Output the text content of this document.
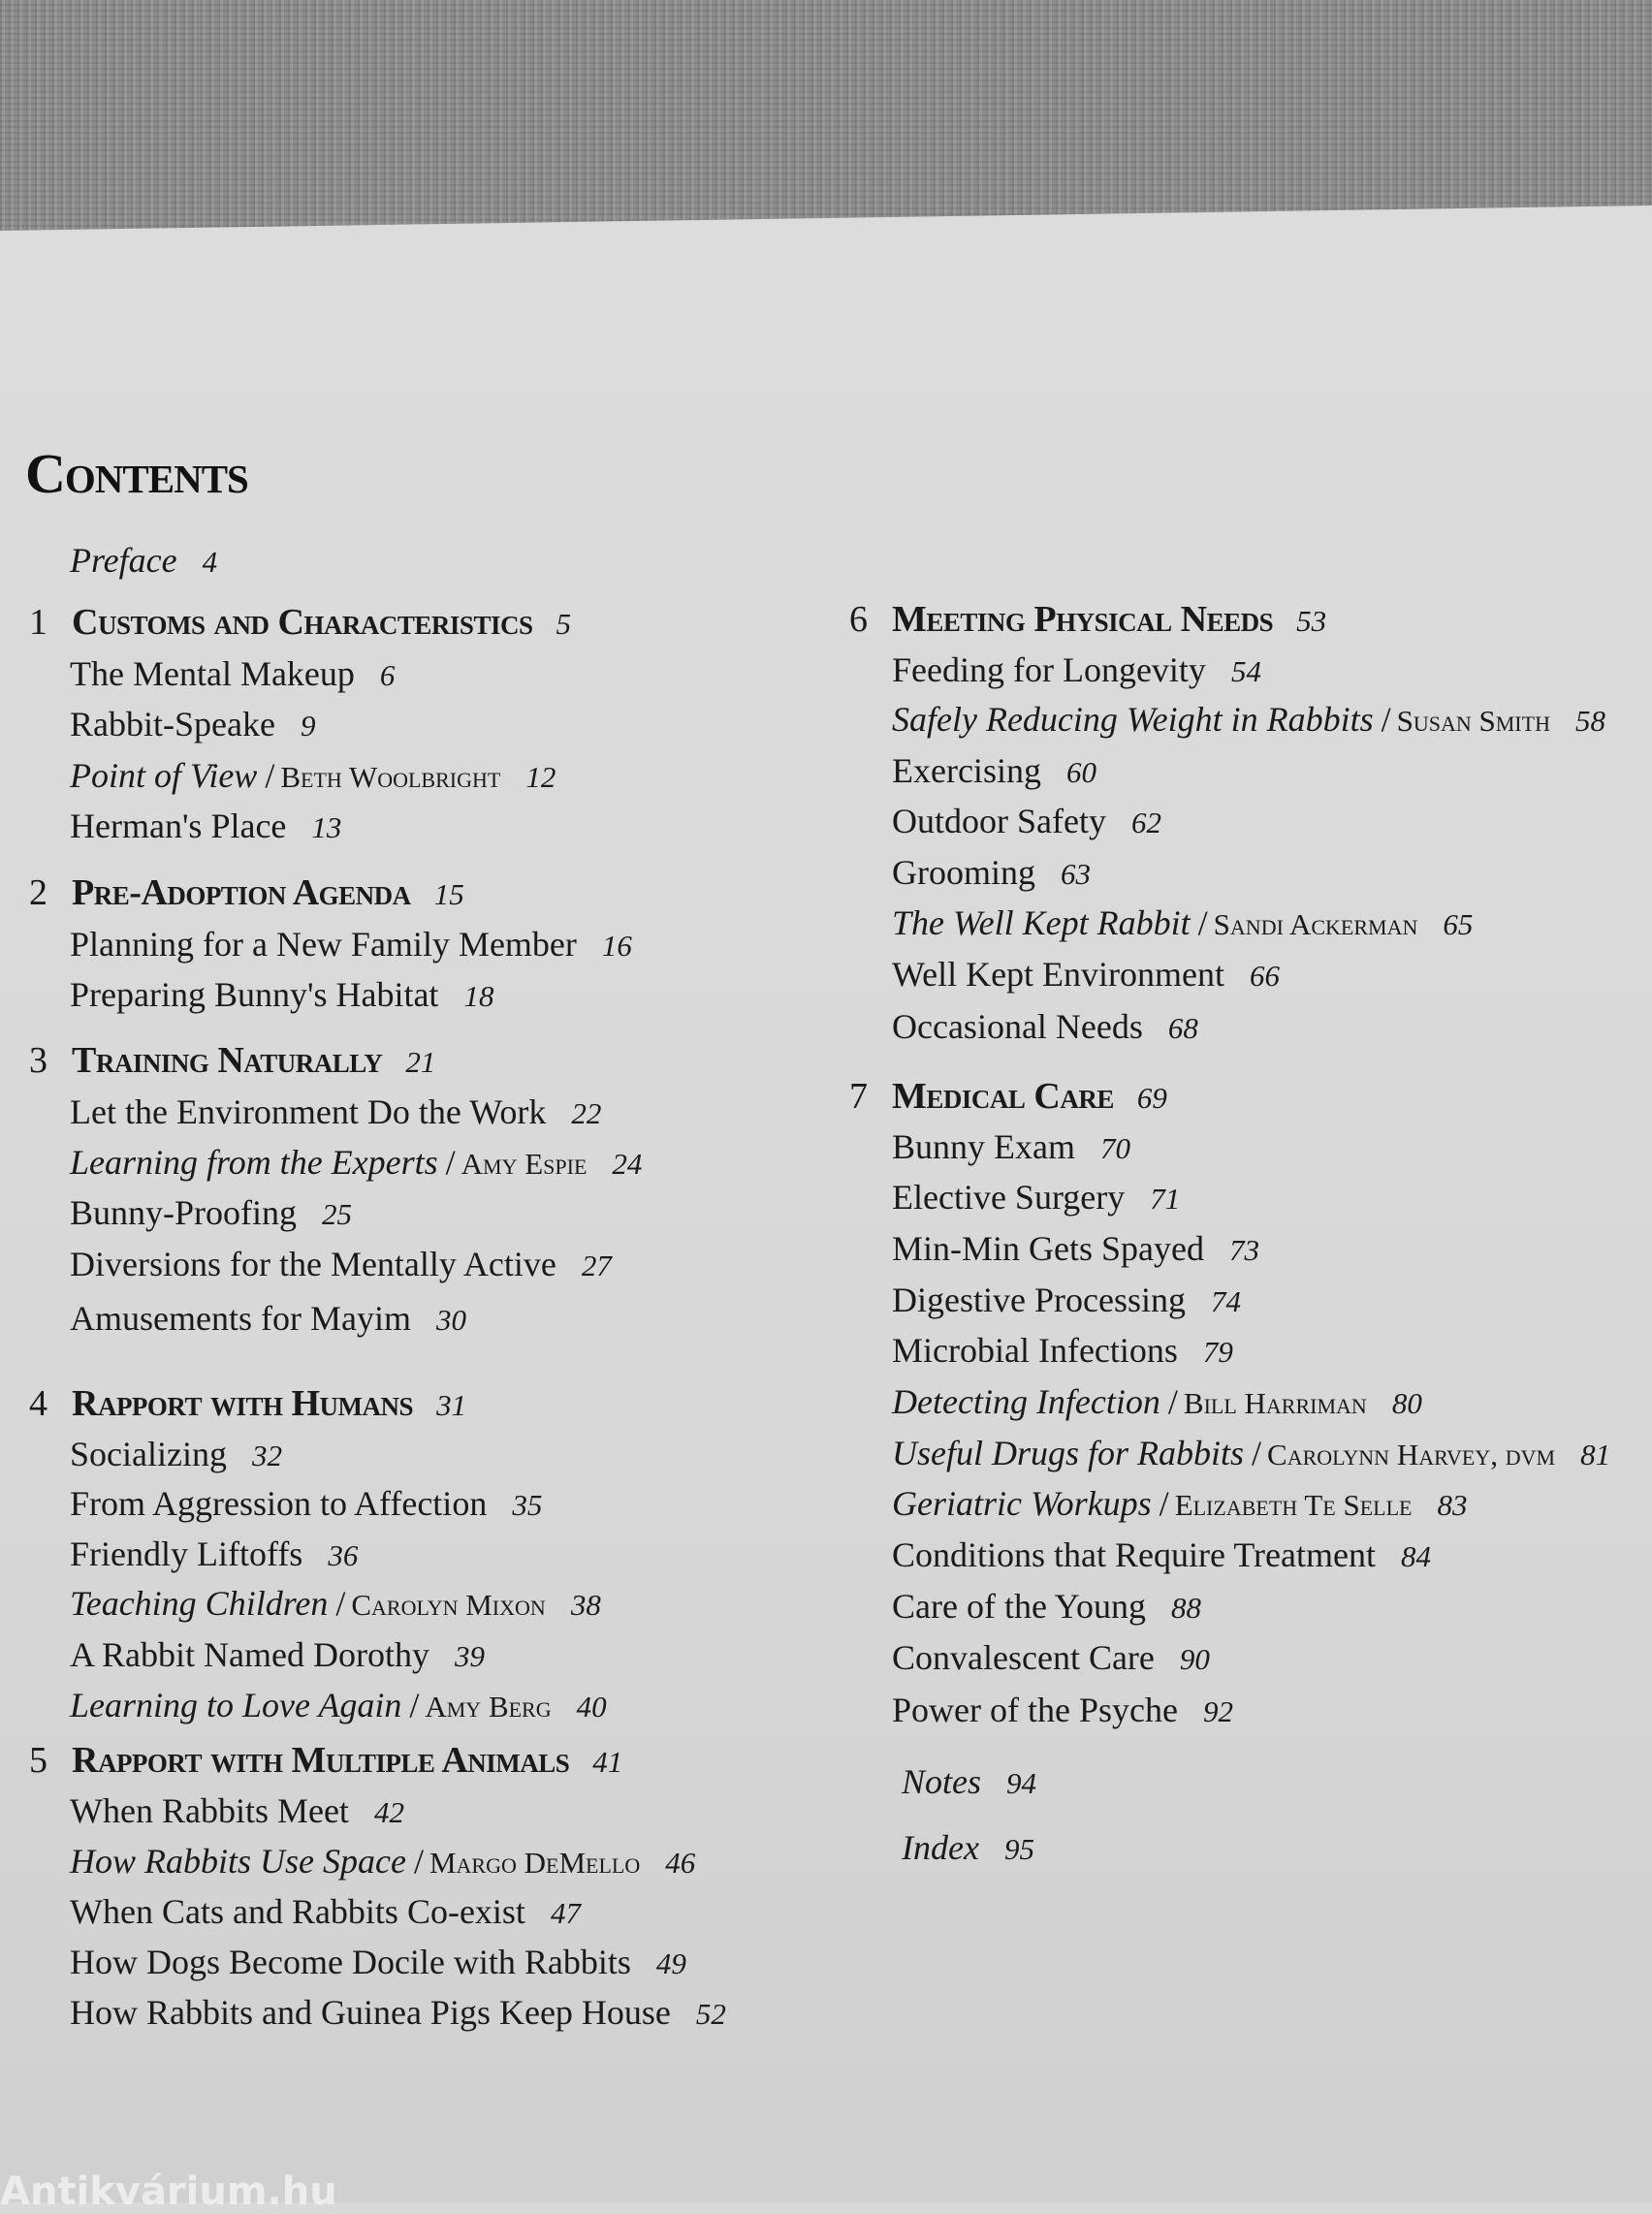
Contents
Preface 4
1 Customs and Characteristics 5
The Mental Makeup 6
Rabbit-Speake 9
Point of View / Beth Woolbright 12
Herman's Place 13
2 Pre-Adoption Agenda 15
Planning for a New Family Member 16
Preparing Bunny's Habitat 18
3 Training Naturally 21
Let the Environment Do the Work 22
Learning from the Experts / Amy Espie 24
Bunny-Proofing 25
Diversions for the Mentally Active 27
Amusements for Mayim 30
4 Rapport with Humans 31
Socializing 32
From Aggression to Affection 35
Friendly Liftoffs 36
Teaching Children / Carolyn Mixon 38
A Rabbit Named Dorothy 39
Learning to Love Again / Amy Berg 40
5 Rapport with Multiple Animals 41
When Rabbits Meet 42
How Rabbits Use Space / Margo DeMello 46
When Cats and Rabbits Co-exist 47
How Dogs Become Docile with Rabbits 49
How Rabbits and Guinea Pigs Keep House 52
6 Meeting Physical Needs 53
Feeding for Longevity 54
Safely Reducing Weight in Rabbits / Susan Smith 58
Exercising 60
Outdoor Safety 62
Grooming 63
The Well Kept Rabbit / Sandi Ackerman 65
Well Kept Environment 66
Occasional Needs 68
7 Medical Care 69
Bunny Exam 70
Elective Surgery 71
Min-Min Gets Spayed 73
Digestive Processing 74
Microbial Infections 79
Detecting Infection / Bill Harriman 80
Useful Drugs for Rabbits / Carolynn Harvey, dvm 81
Geriatric Workups / Elizabeth Te Selle 83
Conditions that Require Treatment 84
Care of the Young 88
Convalescent Care 90
Power of the Psyche 92
Notes 94
Index 95
Antikvárium.hu
